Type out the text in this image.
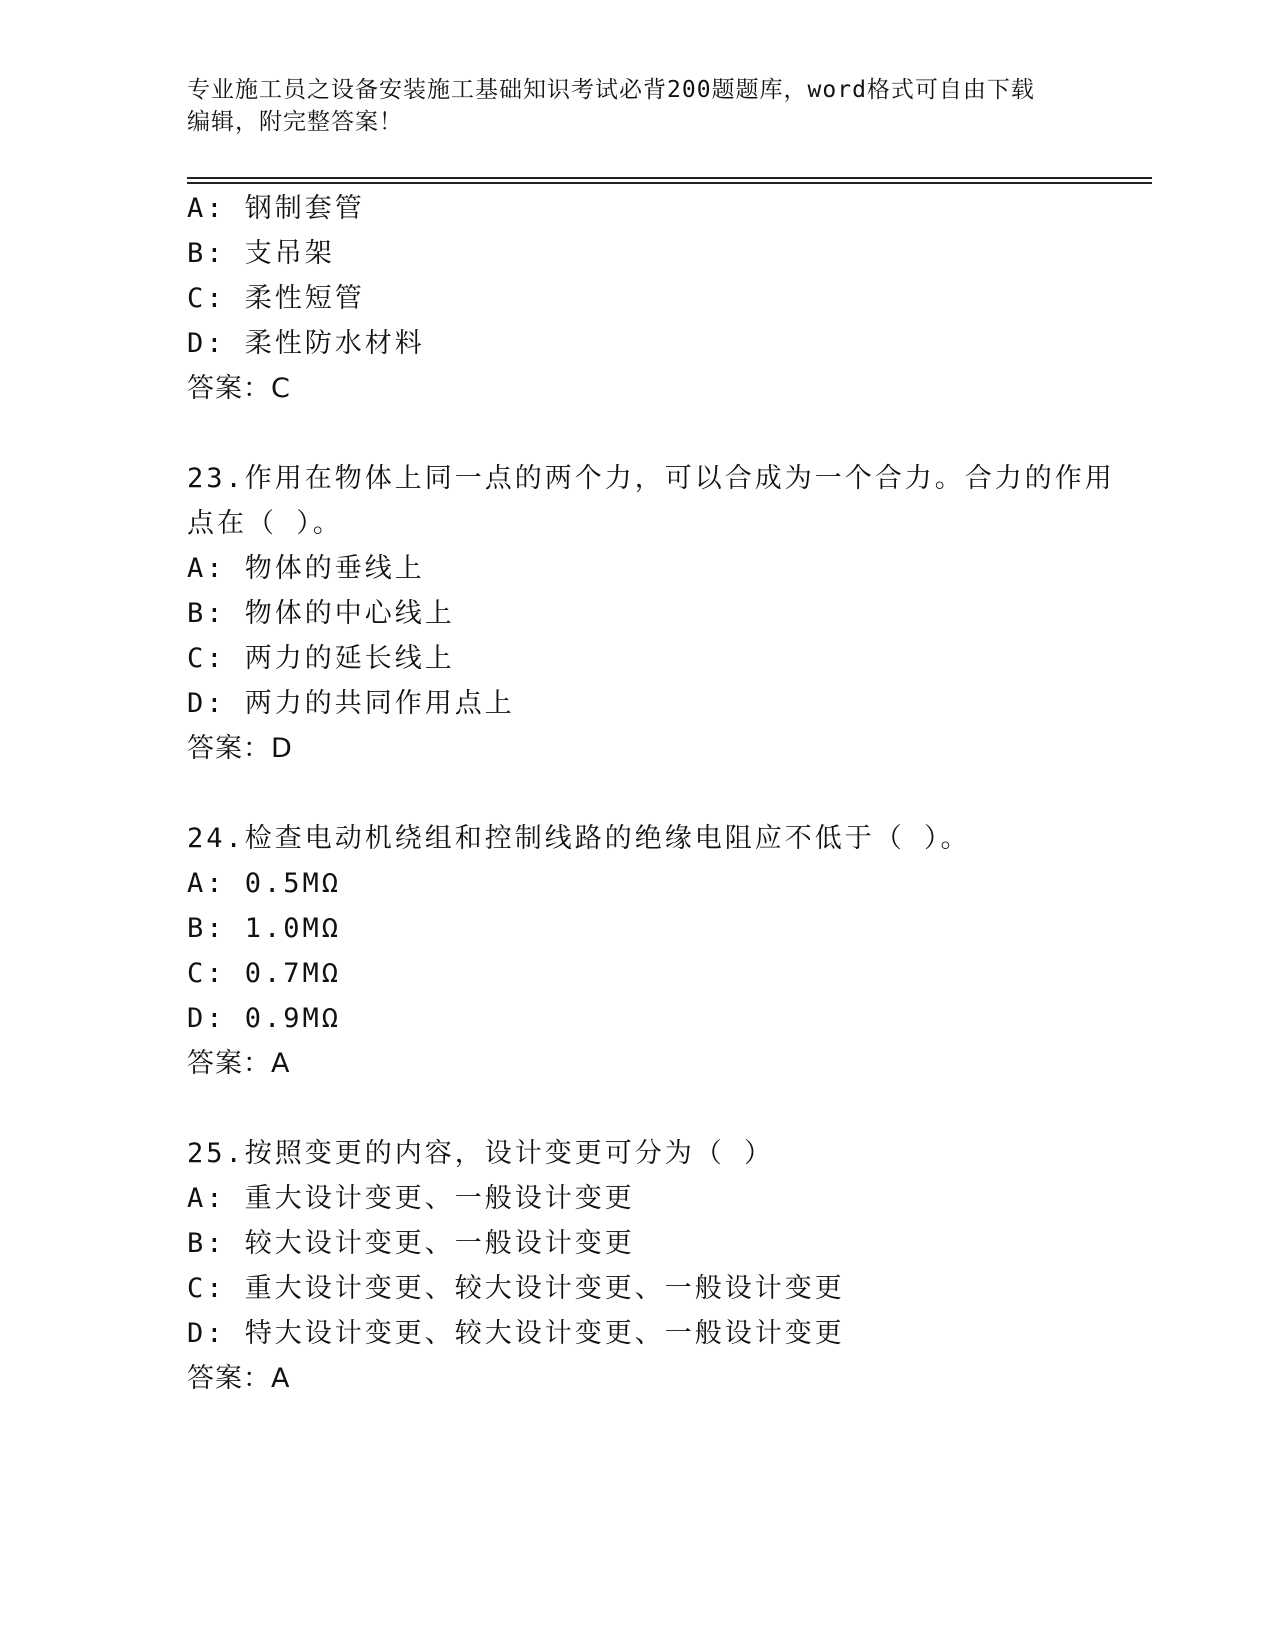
专业施工员之设备安装施工基础知识考试必背200题题库，word格式可自由下载
编辑，附完整答案！
A: 钢制套管
B: 支吊架
C: 柔性短管
D: 柔性防水材料
答案：C
23.作用在物体上同一点的两个力，可以合成为一个合力。合力的作用
点在（ ）。
A: 物体的垂线上
B: 物体的中心线上
C: 两力的延长线上
D: 两力的共同作用点上
答案：D
24.检查电动机绕组和控制线路的绝缘电阻应不低于（ ）。
A: 0.5MΩ
B: 1.0MΩ
C: 0.7MΩ
D: 0.9MΩ
答案：A
25.按照变更的内容，设计变更可分为（ ）
A: 重大设计变更、一般设计变更
B: 较大设计变更、一般设计变更
C: 重大设计变更、较大设计变更、一般设计变更
D: 特大设计变更、较大设计变更、一般设计变更
答案：A
